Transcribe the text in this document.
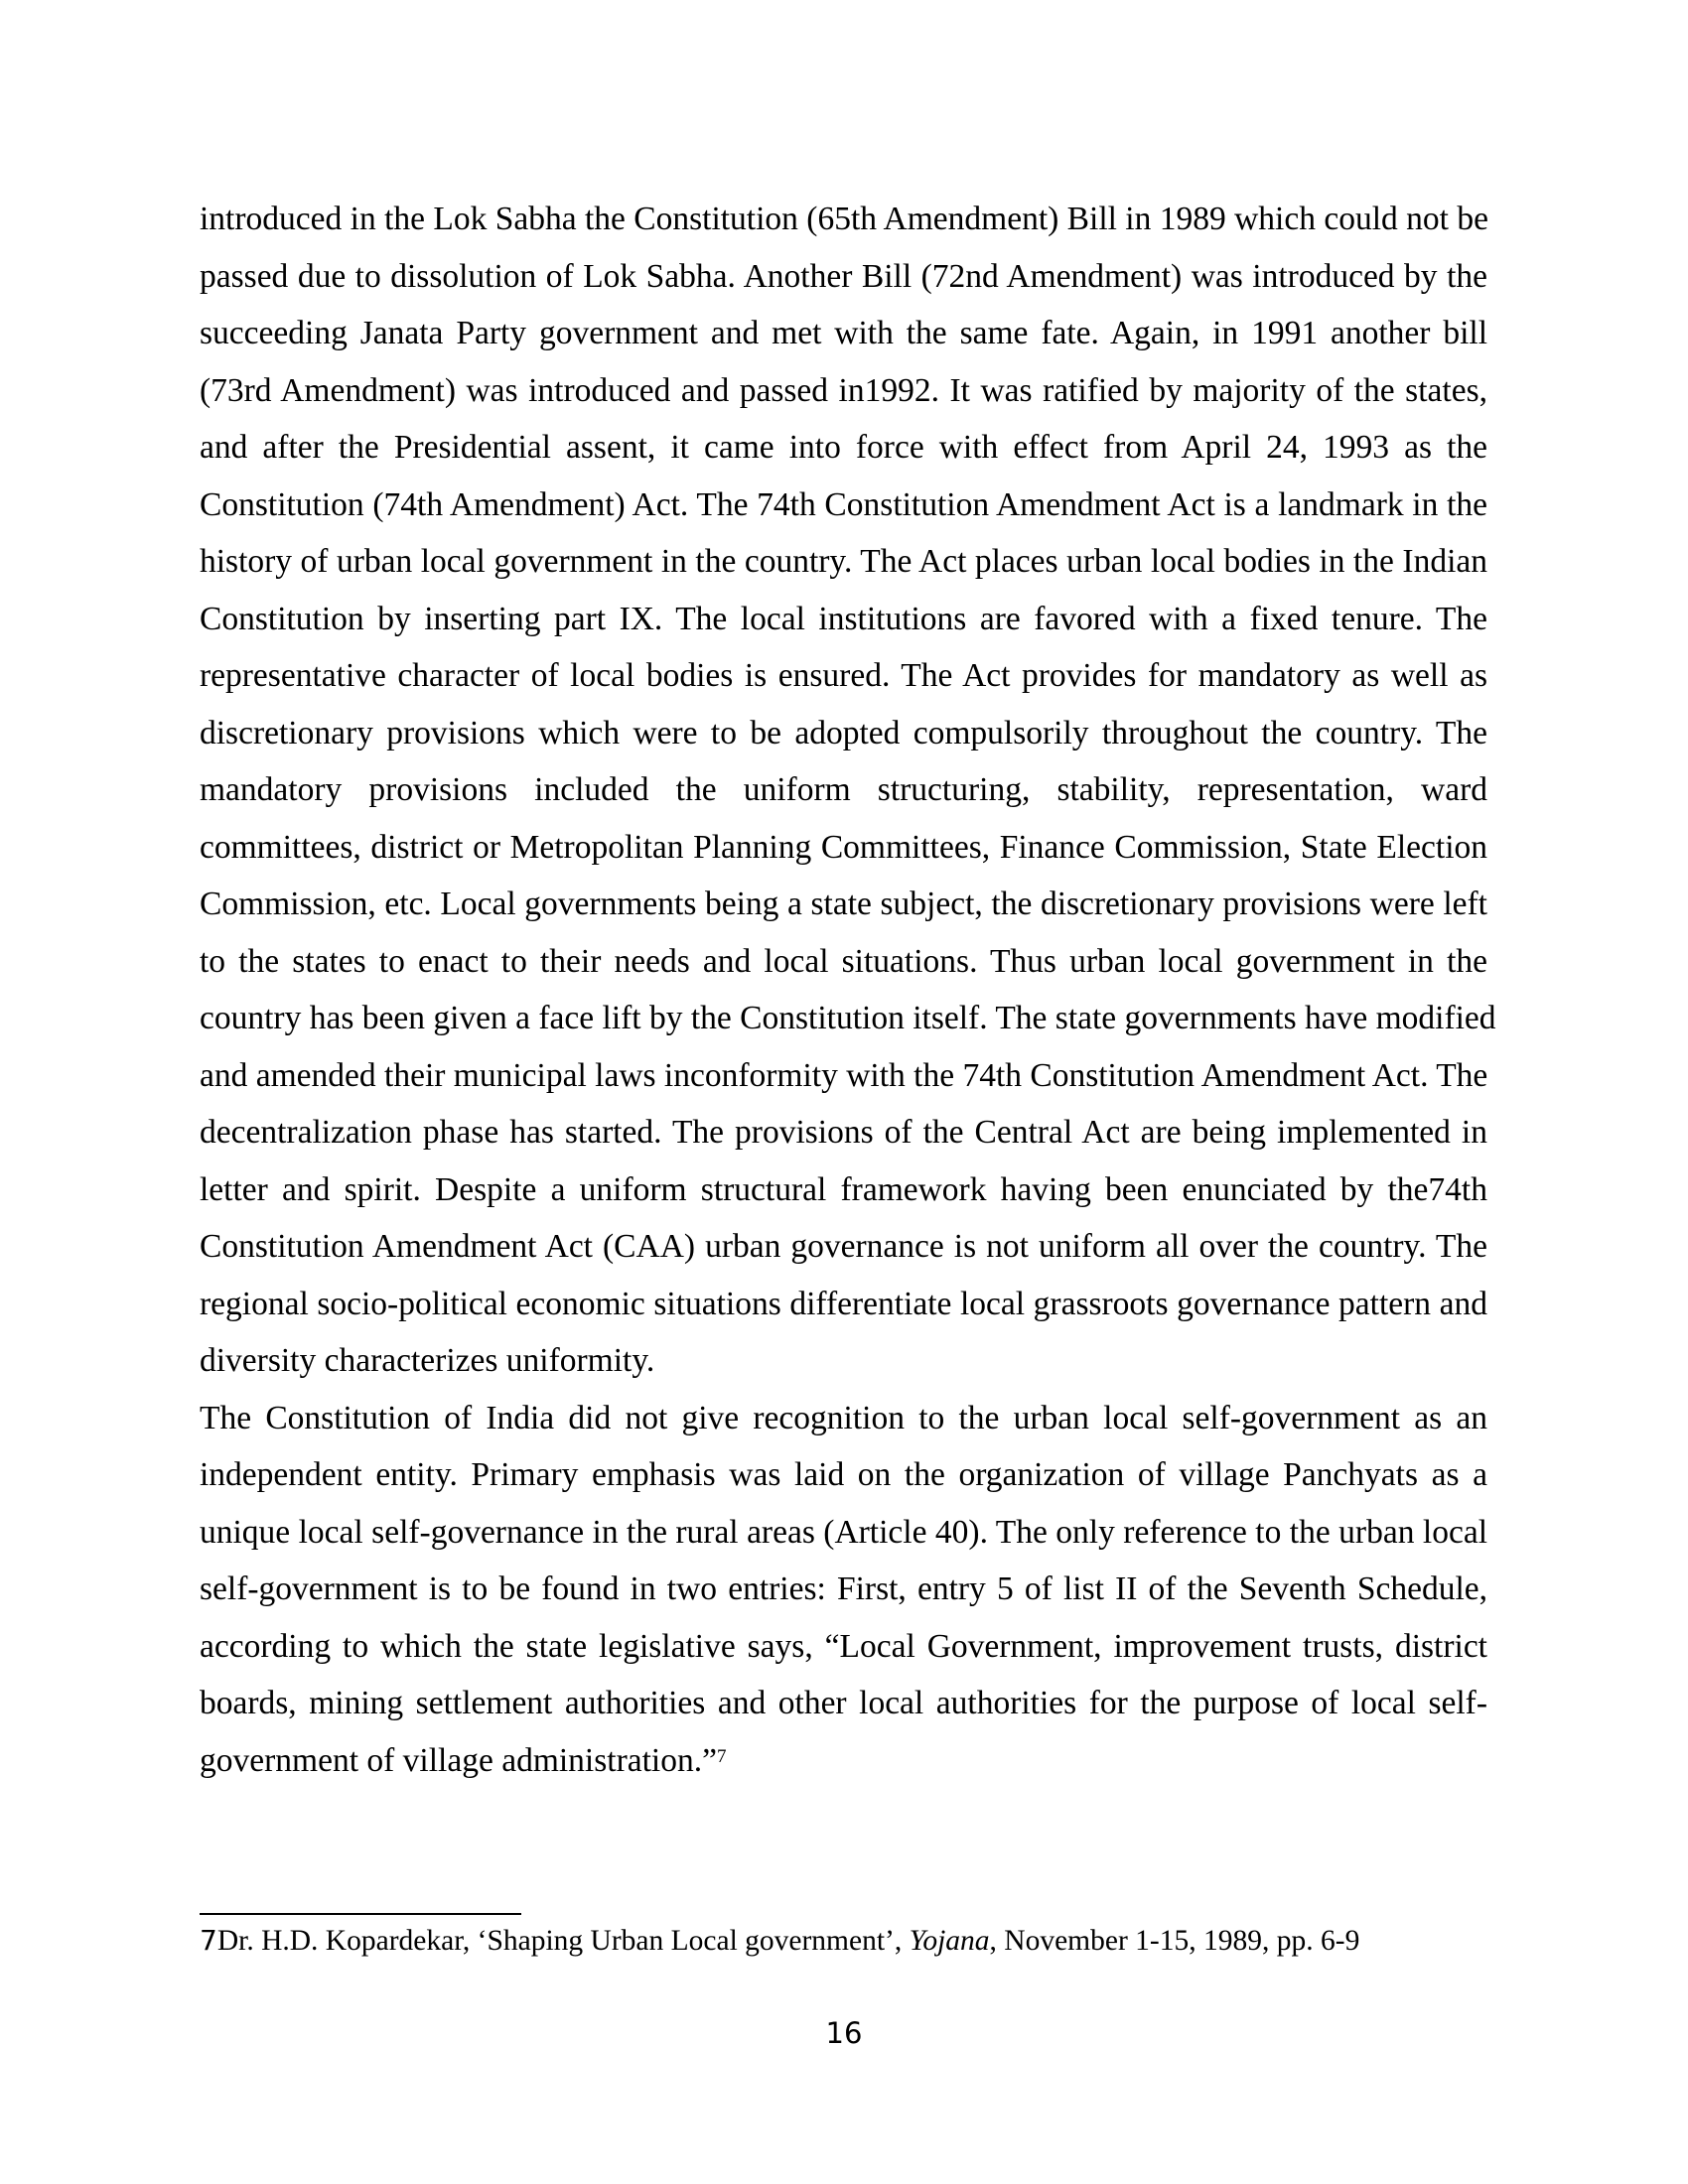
introduced in the Lok Sabha the Constitution (65th Amendment) Bill in 1989 which could not be
passed due to dissolution of Lok Sabha. Another Bill (72nd Amendment) was introduced by the
succeeding Janata Party government and met with the same fate. Again, in 1991 another bill
(73rd Amendment) was introduced and passed in1992. It was ratified by majority of the states,
and after the Presidential assent, it came into force with effect from April 24, 1993 as the
Constitution (74th Amendment) Act. The 74th Constitution Amendment Act is a landmark in the
history of urban local government in the country. The Act places urban local bodies in the Indian
Constitution by inserting part IX. The local institutions are favored with a fixed tenure. The
representative character of local bodies is ensured. The Act provides for mandatory as well as
discretionary provisions which were to be adopted compulsorily throughout the country. The
mandatory provisions included the uniform structuring, stability, representation, ward
committees, district or Metropolitan Planning Committees, Finance Commission, State Election
Commission, etc. Local governments being a state subject, the discretionary provisions were left
to the states to enact to their needs and local situations. Thus urban local government in the
country has been given a face lift by the Constitution itself. The state governments have modified
and amended their municipal laws inconformity with the 74th Constitution Amendment Act. The
decentralization phase has started. The provisions of the Central Act are being implemented in
letter and spirit. Despite a uniform structural framework having been enunciated by the74th
Constitution Amendment Act (CAA) urban governance is not uniform all over the country. The
regional socio-political economic situations differentiate local grassroots governance pattern and
diversity characterizes uniformity.
The Constitution of India did not give recognition to the urban local self-government as an
independent entity. Primary emphasis was laid on the organization of village Panchyats as a
unique local self-governance in the rural areas (Article 40). The only reference to the urban local
self-government is to be found in two entries: First, entry 5 of list II of the Seventh Schedule,
according to which the state legislative says, “Local Government, improvement trusts, district
boards, mining settlement authorities and other local authorities for the purpose of local self-
government of village administration.”$^7$
7Dr. H.D. Kopardekar, ‘Shaping Urban Local government’, Yojana, November 1-15, 1989, pp. 6-9
16
